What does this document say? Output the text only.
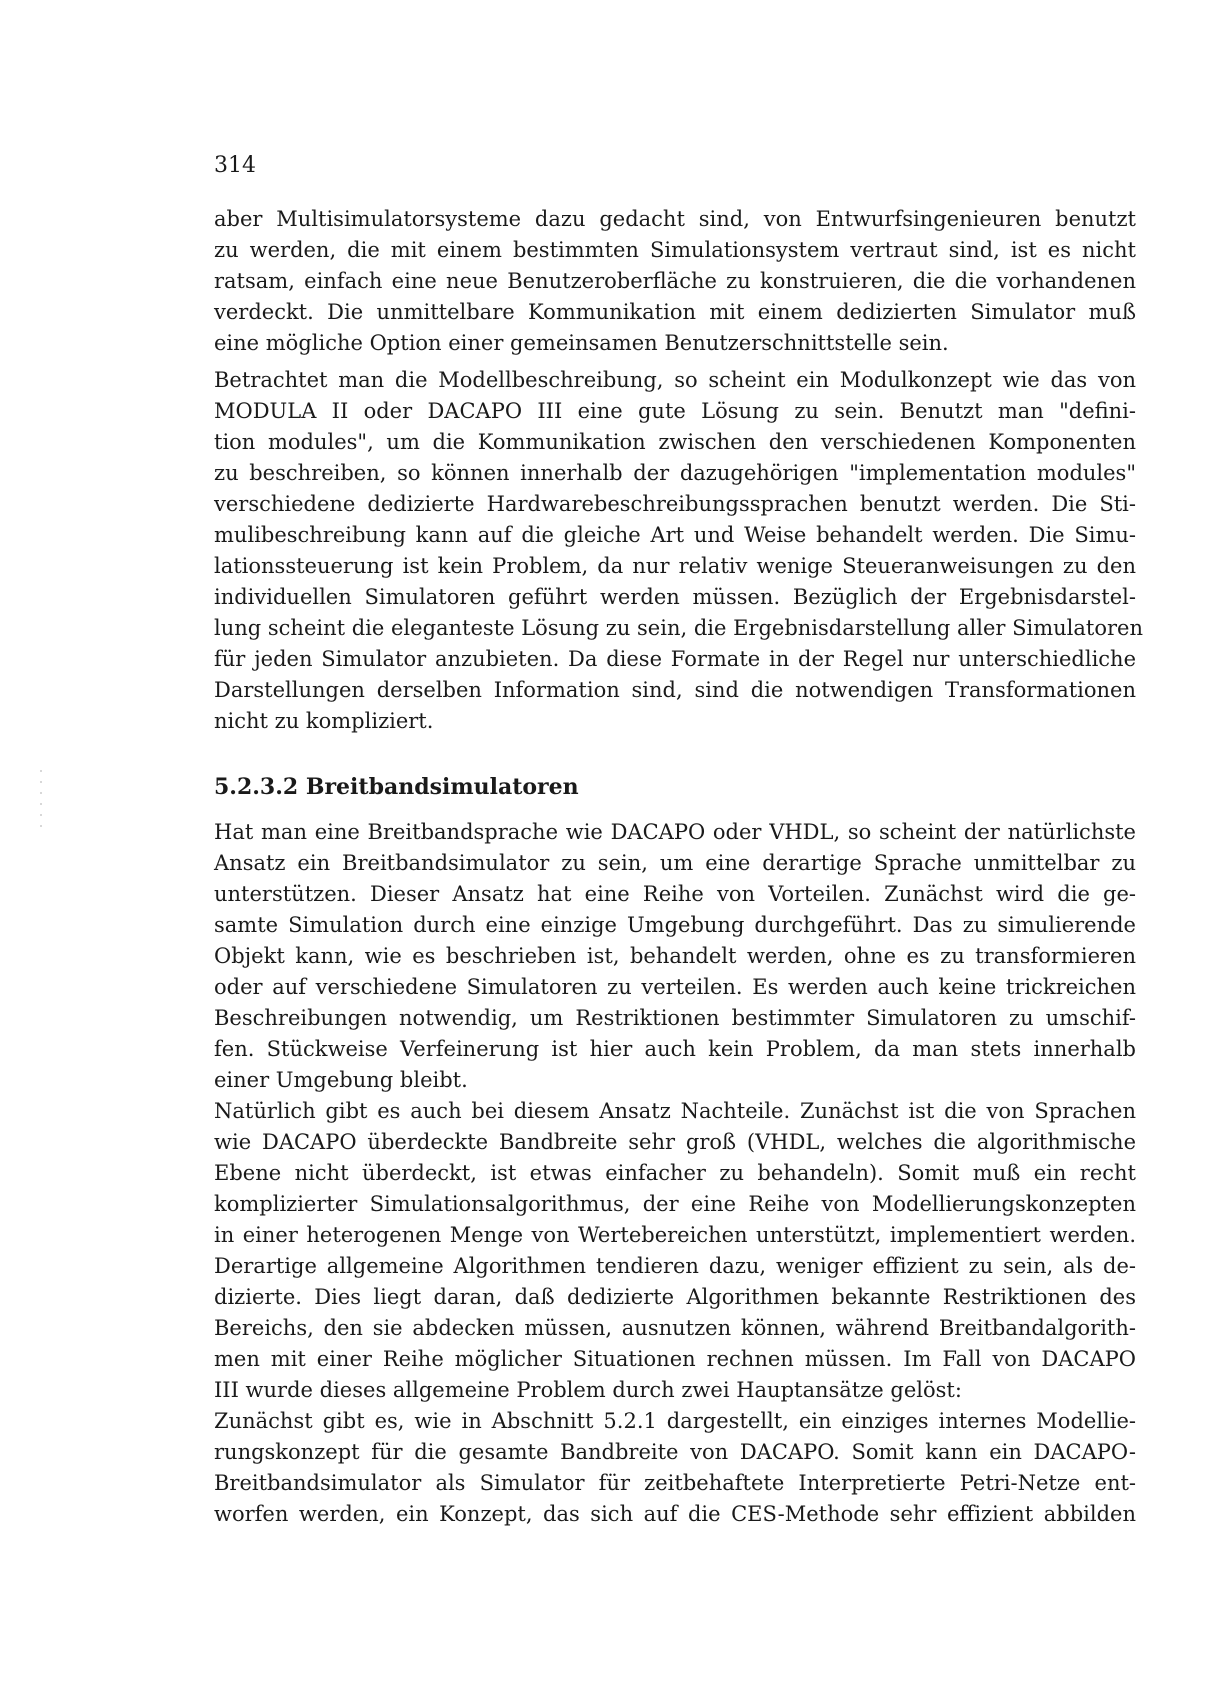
314

aber Multisimulatorsysteme dazu gedacht sind, von Entwurfsingenieuren benutzt
zu werden, die mit einem bestimmten Simulationsystem vertraut sind, ist es nicht
ratsam, einfach eine neue Benutzeroberfläche zu konstruieren, die die vorhandenen
verdeckt. Die unmittelbare Kommunikation mit einem dedizierten Simulator muß
eine mögliche Option einer gemeinsamen Benutzerschnittstelle sein.
Betrachtet man die Modellbeschreibung, so scheint ein Modulkonzept wie das von
MODULA II oder DACAPO III eine gute Lösung zu sein. Benutzt man "defini-
tion modules", um die Kommunikation zwischen den verschiedenen Komponenten
zu beschreiben, so können innerhalb der dazugehörigen "implementation modules"
verschiedene dedizierte Hardwarebeschreibungssprachen benutzt werden. Die Sti-
mulibeschreibung kann auf die gleiche Art und Weise behandelt werden. Die Simu-
lationssteuerung ist kein Problem, da nur relativ wenige Steueranweisungen zu den
individuellen Simulatoren geführt werden müssen. Bezüglich der Ergebnisdarstel-
lung scheint die eleganteste Lösung zu sein, die Ergebnisdarstellung aller Simulatoren
für jeden Simulator anzubieten. Da diese Formate in der Regel nur unterschiedliche
Darstellungen derselben Information sind, sind die notwendigen Transformationen
nicht zu kompliziert.
5.2.3.2 Breitbandsimulatoren
Hat man eine Breitbandsprache wie DACAPO oder VHDL, so scheint der natürlichste
Ansatz ein Breitbandsimulator zu sein, um eine derartige Sprache unmittelbar zu
unterstützen. Dieser Ansatz hat eine Reihe von Vorteilen. Zunächst wird die ge-
samte Simulation durch eine einzige Umgebung durchgeführt. Das zu simulierende
Objekt kann, wie es beschrieben ist, behandelt werden, ohne es zu transformieren
oder auf verschiedene Simulatoren zu verteilen. Es werden auch keine trickreichen
Beschreibungen notwendig, um Restriktionen bestimmter Simulatoren zu umschif-
fen. Stückweise Verfeinerung ist hier auch kein Problem, da man stets innerhalb
einer Umgebung bleibt.
Natürlich gibt es auch bei diesem Ansatz Nachteile. Zunächst ist die von Sprachen
wie DACAPO überdeckte Bandbreite sehr groß (VHDL, welches die algorithmische
Ebene nicht überdeckt, ist etwas einfacher zu behandeln). Somit muß ein recht
komplizierter Simulationsalgorithmus, der eine Reihe von Modellierungskonzepten
in einer heterogenen Menge von Wertebereichen unterstützt, implementiert werden.
Derartige allgemeine Algorithmen tendieren dazu, weniger effizient zu sein, als de-
dizierte. Dies liegt daran, daß dedizierte Algorithmen bekannte Restriktionen des
Bereichs, den sie abdecken müssen, ausnutzen können, während Breitbandalgorith-
men mit einer Reihe möglicher Situationen rechnen müssen. Im Fall von DACAPO
III wurde dieses allgemeine Problem durch zwei Hauptansätze gelöst:
Zunächst gibt es, wie in Abschnitt 5.2.1 dargestellt, ein einziges internes Modellie-
rungskonzept für die gesamte Bandbreite von DACAPO. Somit kann ein DACAPO-
Breitbandsimulator als Simulator für zeitbehaftete Interpretierte Petri-Netze ent-
worfen werden, ein Konzept, das sich auf die CES-Methode sehr effizient abbilden
